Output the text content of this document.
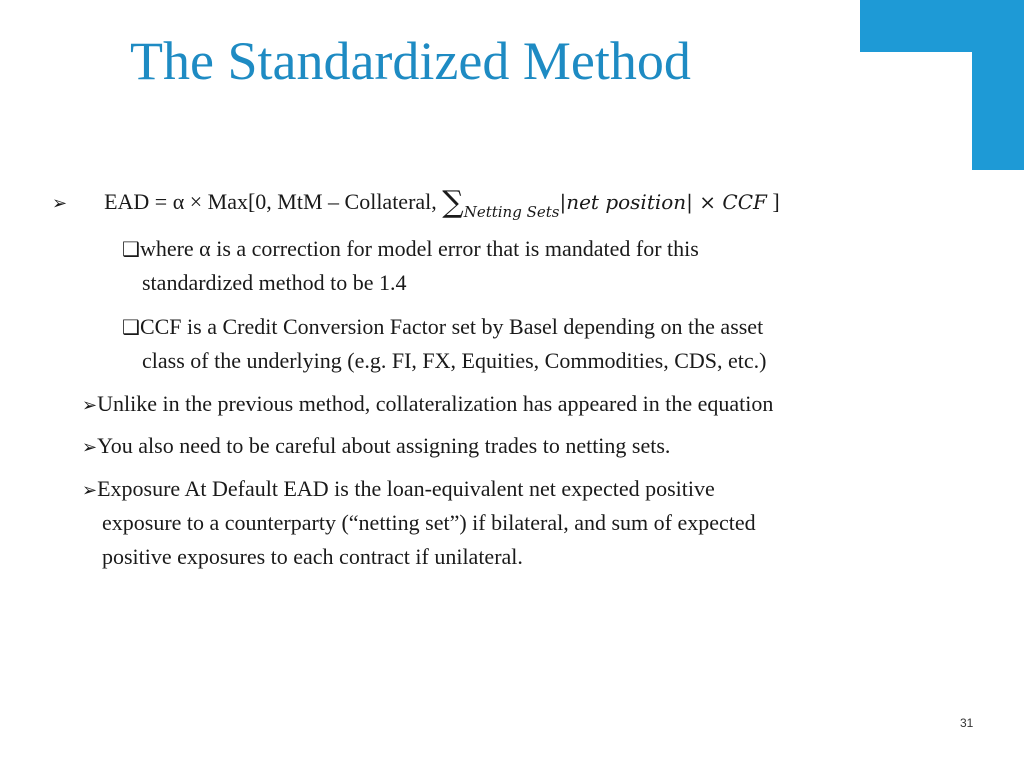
The Standardized Method
➢ EAD = α × Max[0, MtM – Collateral, $\sum_{Netting Sets}|net$ position| × CCF ]
❑where α is a correction for model error that is mandated for this
standardized method to be 1.4
❑CCF is a Credit Conversion Factor set by Basel depending on the asset
class of the underlying (e.g. FI, FX, Equities, Commodities, CDS, etc.)
➢Unlike in the previous method, collateralization has appeared in the equation
➢You also need to be careful about assigning trades to netting sets.
➢Exposure At Default EAD is the loan-equivalent net expected positive
exposure to a counterparty (“netting set”) if bilateral, and sum of expected
positive exposures to each contract if unilateral.
31
